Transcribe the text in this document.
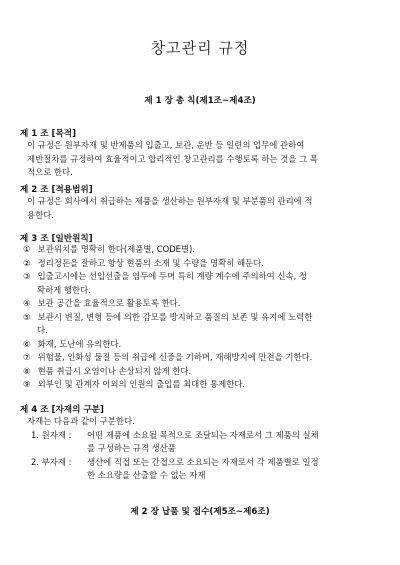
창고관리 규정
제 1 장 총 칙(제1조~제4조)
제 1 조 [목적]
이 규정은 원부자재 및 반제품의 입출고, 보관, 운반 등 일련의 업무에 관하여
제반절차를 규정하여 효율적이고 합리적인 창고관리를 수행토록 하는 것을 그 목
적으로 한다.
제 2 조 [적용범위]
이 규정은 회사에서 취급하는 제품을 생산하는 원부자재 및 부분품의 관리에 적
용한다.
제 3 조 [일반원칙]
① 보관위치를 명확히 한다(제품별, CODE별).
② 정리정돈을 잘하고 항상 현품의 소재 및 수량을 명확히 해둔다.
③ 입출고시에는 선입선출을 염두에 두며 특히 계량 계수에 주의하여 신속, 정
확하게 행한다.
④ 보관 공간을 효율적으로 활용토록 한다.
⑤ 보관시 변질, 변형 등에 의한 감모를 방지하고 품질의 보존 및 유지에 노력한
다.
⑥ 화재, 도난에 유의한다.
⑦ 위험물, 인화성 물질 등의 취급에 신중을 기하며, 재해방지에 만전을 기한다.
⑧ 현품 취급시 오염이나 손상되지 않게 한다.
⑨ 외부인 및 관계자 이외의 인원의 출입를 최대한 통제한다.
제 4 조 [자재의 구분]
자재는 다음과 같이 구분한다.
1. 원자재 : 어떤 제품에 소요될 목적으로 조달되는 자재로서 그 제품의 실체
를 구성하는 규격 생산품
2. 부자재 : 생산에 직접 또는 간접으로 소요되는 자재로서 각 제품별로 일정
한 소요량을 산출할 수 없는 자재
제 2 장 납품 및 접수(제5조~제6조)
